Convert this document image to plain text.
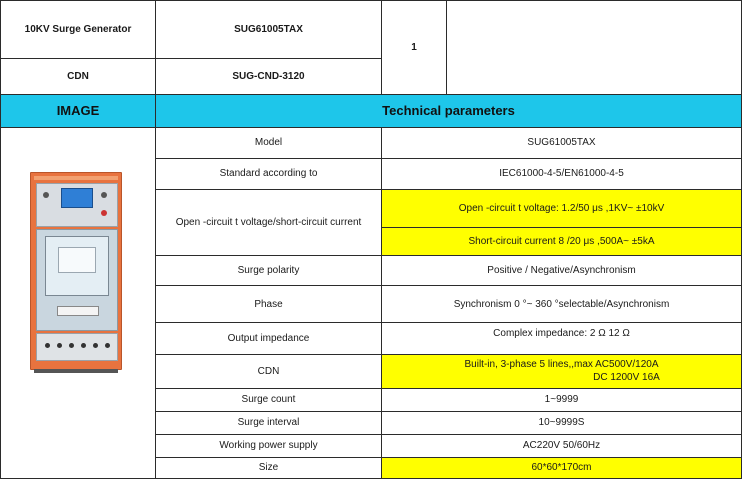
10KV Surge Generator	SUG61005TAX	1	
CDN	SUG-CND-3120		
IMAGE	Technical parameters		
	Model	SUG61005TAX	
	Standard according to	IEC61000-4-5/EN61000-4-5	
	Open -circuit t voltage/short-circuit current	Open -circuit t voltage: 1.2/50 μs ,1KV~ ±10kV	
		Short-circuit current 8 /20 μs ,500A~ ±5kA	
	Surge polarity	Positive / Negative/Asynchronism	
	Phase	Synchronism 0 °~ 360 °selectable/Asynchronism	
	Output impedance	Complex impedance: 2 Ω 12 Ω	
	CDN	Built-in, 3-phase 5 lines,,max AC500V/120A
DC 1200V 16A	

	Surge count	1~9999	
	Surge interval	10~9999S	
	Working power supply	AC220V 50/60Hz	
	Size	60*60*170cm	
